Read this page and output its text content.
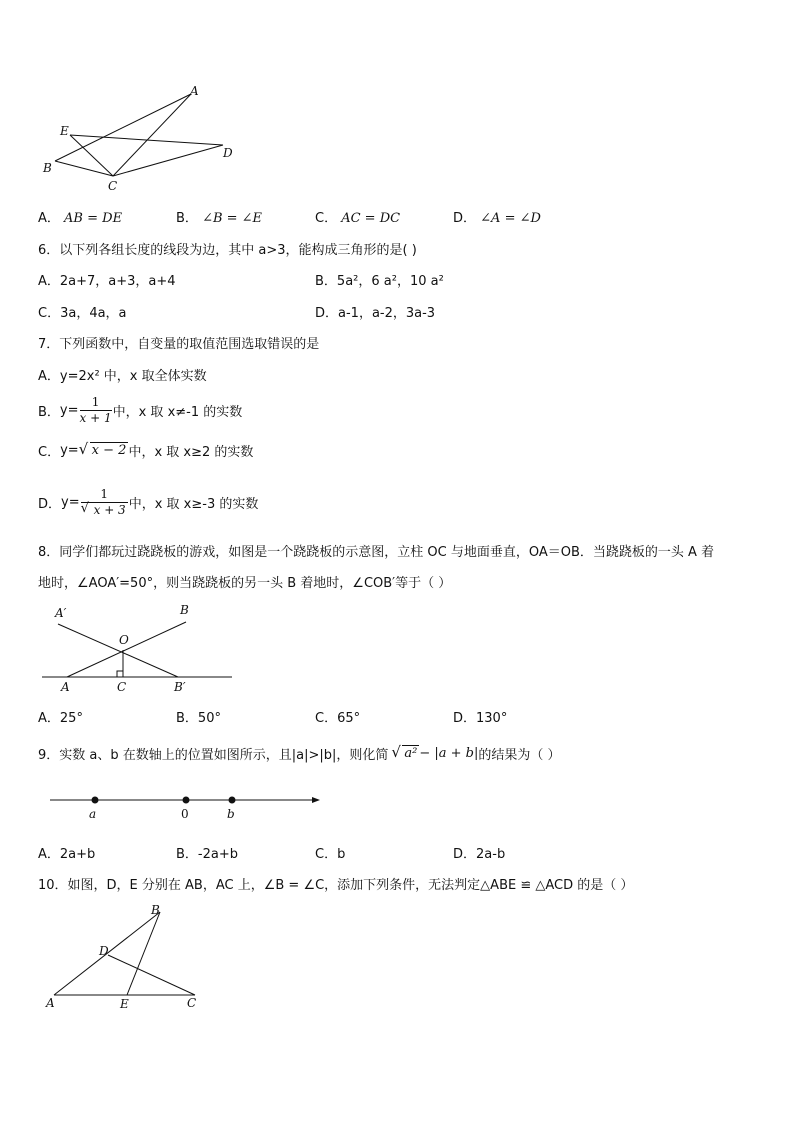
A
E
D
B
C
A． AB = DE	B． ∠B = ∠E	C． AC = DC	D． ∠A = ∠D
6．以下列各组长度的线段为边，其中 a>3，能构成三角形的是( )
A．2a+7，a+3，a+4	B．5a²，6 a²，10 a²
C．3a，4a，a	D．a-1，a-2，3a-3
7．下列函数中，自变量的取值范围选取错误的是
A．y=2x² 中，x 取全体实数
B． $y= \frac{1}{x + 1}$ 中，x 取 x≠-1 的实数
C． y= √ x − 2 中，x 取 x≥2 的实数
D． $y= \frac{1}{√ x + 3}$ 中，x 取 x≥-3 的实数
8．同学们都玩过跷跷板的游戏，如图是一个跷跷板的示意图，立柱 OC 与地面垂直，OA＝OB．当跷跷板的一头 A 着
地时，∠AOA′=50°，则当跷跷板的另一头 B 着地时，∠COB′等于（ ）
A′	B
O
A	C	B′
A．25°	B．50°	C．65°	D．130°
9．实数 a、b 在数轴上的位置如图所示，且|a|>|b|，则化简 √ a² − |a + b| 的结果为（ ）
a	0	b
A．2a+b	B．-2a+b	C．b	D．2a-b
10．如图，D，E 分别在 AB，AC 上，∠B = ∠C，添加下列条件，无法判定△ABE ≌ △ACD 的是（ ）
B
D
A	E	C
